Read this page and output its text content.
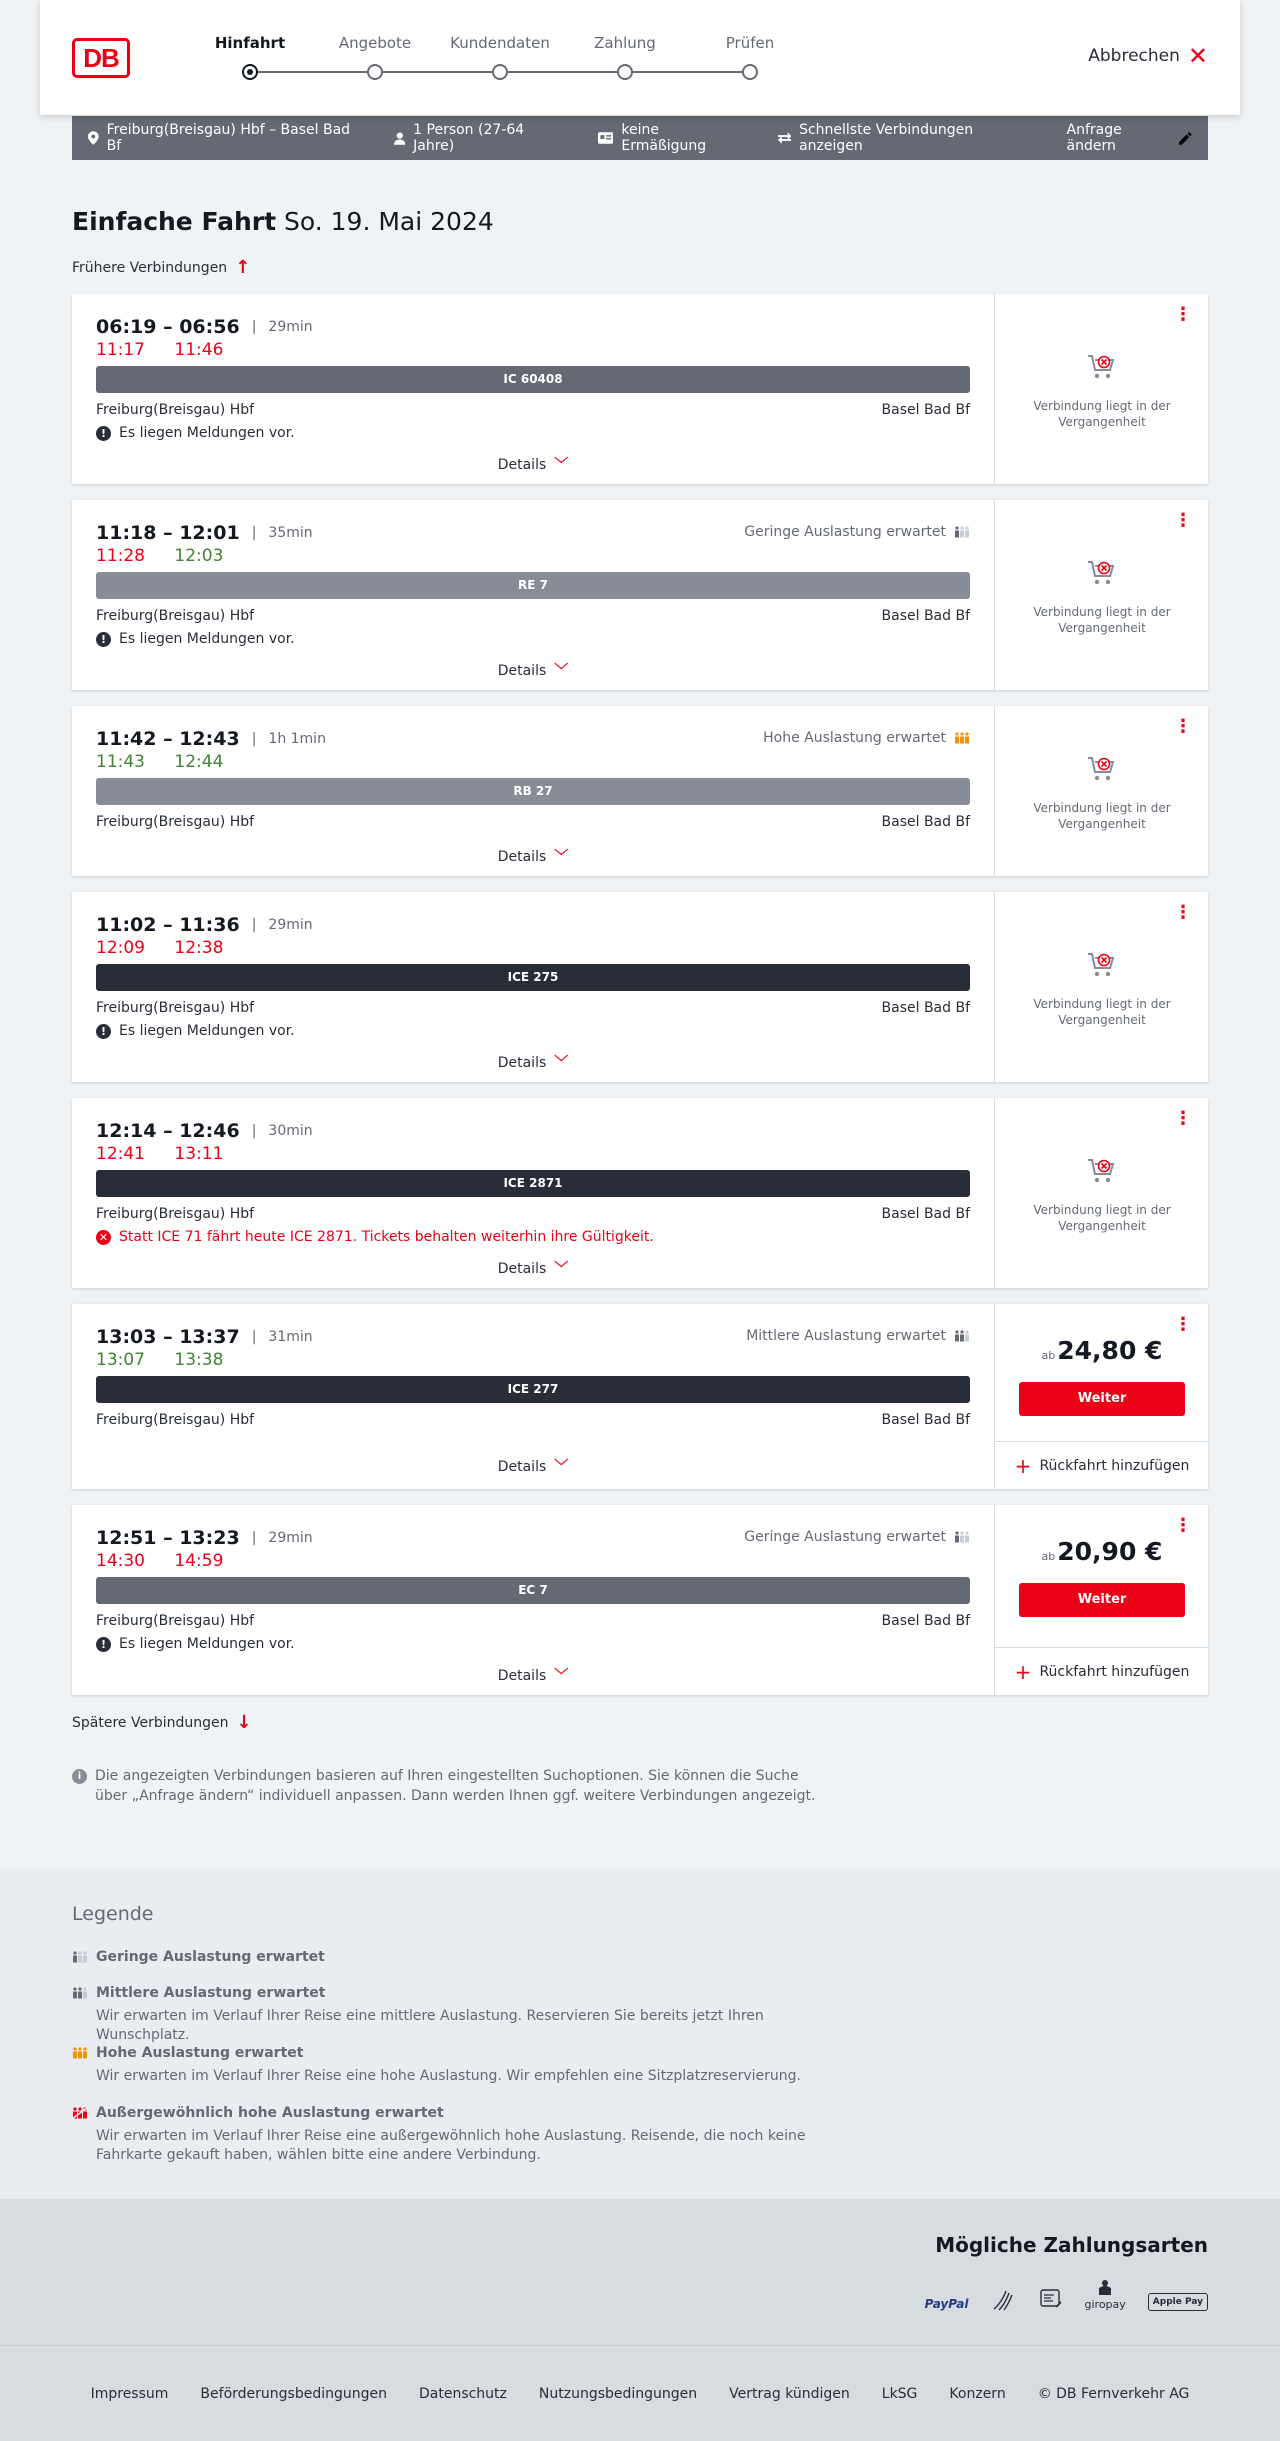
DB	Hinfahrt	Angebote	Kundendaten	Zahlung	Prüfen
Abbrechen ✕
Freiburg(Breisgau) Hbf – Basel Bad Bf
1 Person (27-64 Jahre)
keine Ermäßigung
Schnellste Verbindungen anzeigen
Anfrage ändern
Einfache Fahrt So. 19. Mai 2024
Frühere Verbindungen ↑
06:19 – 06:56 | 29min
11:17 11:46
IC 60408
Freiburg(Breisgau) Hbf	Basel Bad Bf
! Es liegen Meldungen vor.
Details ﹀
⋮
Verbindung liegt in der Vergangenheit
11:18 – 12:01 | 35min	Geringe Auslastung erwartet
11:28 12:03
RE 7
Freiburg(Breisgau) Hbf	Basel Bad Bf
! Es liegen Meldungen vor.
Details ﹀
⋮
Verbindung liegt in der Vergangenheit
11:42 – 12:43 | 1h 1min	Hohe Auslastung erwartet
11:43 12:44
RB 27
Freiburg(Breisgau) Hbf	Basel Bad Bf
Details ﹀
⋮
Verbindung liegt in der Vergangenheit
11:02 – 11:36 | 29min
12:09 12:38
ICE 275
Freiburg(Breisgau) Hbf	Basel Bad Bf
! Es liegen Meldungen vor.
Details ﹀
⋮
Verbindung liegt in der Vergangenheit
12:14 – 12:46 | 30min
12:41 13:11
ICE 2871
Freiburg(Breisgau) Hbf	Basel Bad Bf
✕ Statt ICE 71 fährt heute ICE 2871. Tickets behalten weiterhin ihre Gültigkeit.
Details ﹀
⋮
Verbindung liegt in der Vergangenheit
13:03 – 13:37 | 31min	Mittlere Auslastung erwartet
13:07 13:38
ICE 277
Freiburg(Breisgau) Hbf	Basel Bad Bf
Details ﹀
⋮
ab24,80 €
Weiter
+ Rückfahrt hinzufügen
12:51 – 13:23 | 29min	Geringe Auslastung erwartet
14:30 14:59
EC 7
Freiburg(Breisgau) Hbf	Basel Bad Bf
! Es liegen Meldungen vor.
Details ﹀
⋮
ab20,90 €
Weiter
+ Rückfahrt hinzufügen
Spätere Verbindungen ↓
i Die angezeigten Verbindungen basieren auf Ihren eingestellten Suchoptionen. Sie können die Suche über „Anfrage ändern“ individuell anpassen. Dann werden Ihnen ggf. weitere Verbindungen angezeigt.
Legende
Geringe Auslastung erwartet
Mittlere Auslastung erwartet
Wir erwarten im Verlauf Ihrer Reise eine mittlere Auslastung. Reservieren Sie bereits jetzt Ihren Wunschplatz.
Hohe Auslastung erwartet
Wir erwarten im Verlauf Ihrer Reise eine hohe Auslastung. Wir empfehlen eine Sitzplatzreservierung.
Außergewöhnlich hohe Auslastung erwartet
Wir erwarten im Verlauf Ihrer Reise eine außergewöhnlich hohe Auslastung. Reisende, die noch keine Fahrkarte gekauft haben, wählen bitte eine andere Verbindung.
Mögliche Zahlungsarten
PayPal	giropay	Apple Pay
Impressum Beförderungsbedingungen Datenschutz Nutzungsbedingungen Vertrag kündigen LkSG Konzern © DB Fernverkehr AG
